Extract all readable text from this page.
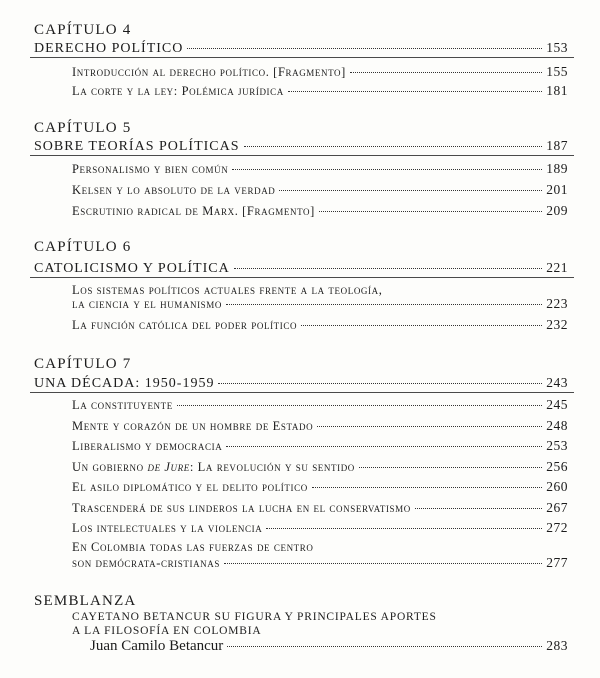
CAPÍTULO 4
DERECHO POLÍTICO	153
Introducción al derecho político. [Fragmento]	155
La corte y la ley: Polémica jurídica	181
CAPÍTULO 5
SOBRE TEORÍAS POLÍTICAS	187
Personalismo y bien común	189
Kelsen y lo absoluto de la verdad	201
Escrutinio radical de Marx. [Fragmento]	209
CAPÍTULO 6
CATOLICISMO Y POLÍTICA	221
Los sistemas políticos actuales frente a la teología,
la ciencia y el humanismo	223
La función católica del poder político	232
CAPÍTULO 7
UNA DÉCADA: 1950-1959	243
La constituyente	245
Mente y corazón de un hombre de Estado	248
Liberalismo y democracia	253
Un gobierno de Jure: La revolución y su sentido	256
El asilo diplomático y el delito político	260
Trascenderá de sus linderos la lucha en el conservatismo	267
Los intelectuales y la violencia	272
En Colombia todas las fuerzas de centro
son demócrata-cristianas	277
SEMBLANZA
CAYETANO BETANCUR SU FIGURA Y PRINCIPALES APORTES
A LA FILOSOFÍA EN COLOMBIA
Juan Camilo Betancur	283
